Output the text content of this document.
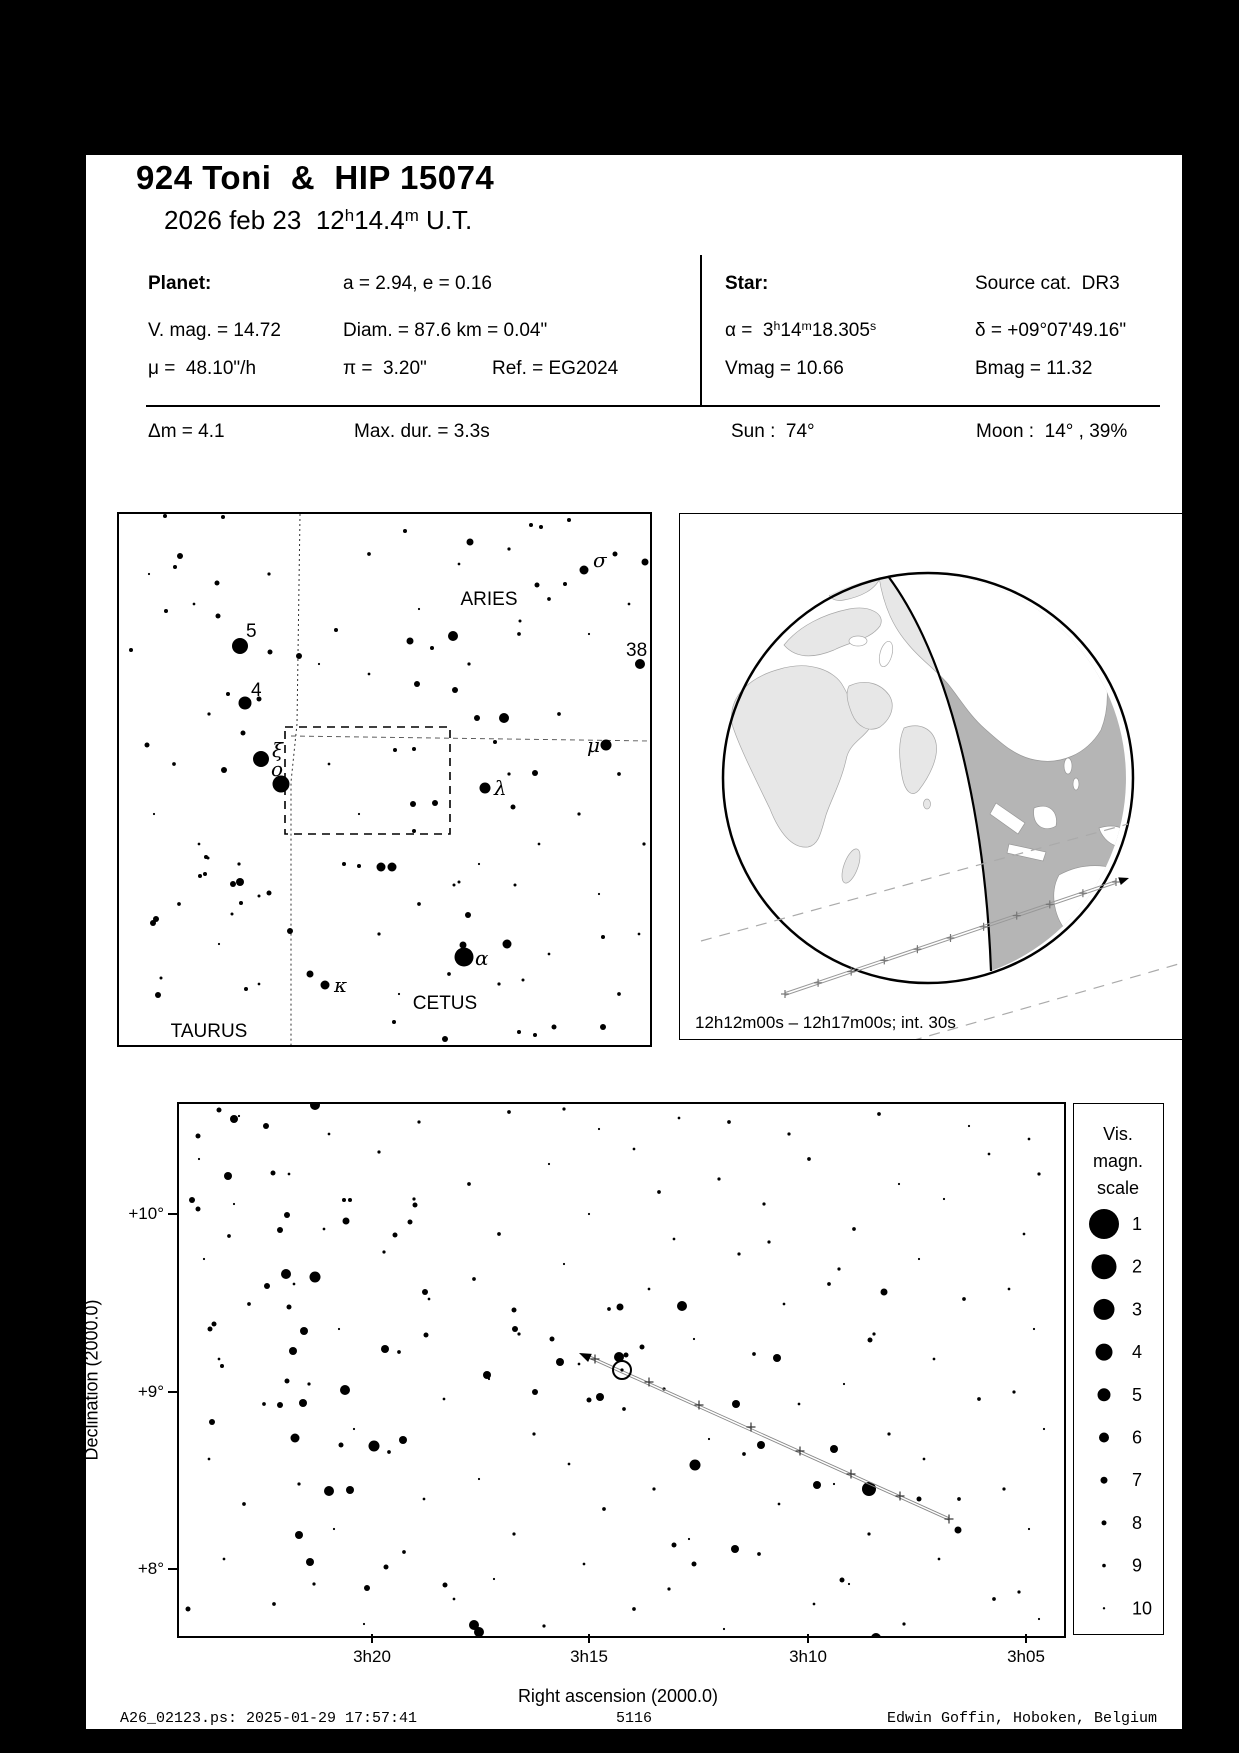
924 Toni  &  HIP 15074
2026 feb 23 12$^h$14.4$^m$ U.T.
Planet:	a = 2.94, e = 0.16	Star:	Source cat.  DR3
V. mag. = 14.72	Diam. = 87.6 km = 0.04"	α =  3$^h$14$^m$18.305$^s$	δ = +09°07'49.16"
μ =  48.10"/h	π =  3.20"	Ref. = EG2024	Vmag = 10.66	Bmag = 11.32
Δm = 4.1	Max. dur. = 3.3s	Sun :  74°	Moon :  14° , 39%
ARIES
CETUS
TAURUS
5
4
ξ
ο
σ
38
μ
λ
α
κ
12h12m00s – 12h17m00s; int. 30s
Declination (2000.0)
Right ascension (2000.0)
Vis.
magn.
scale
1
2
3
4
5
6
7
8
9
10
A26_02123.ps: 2025-01-29 17:57:41	5116	Edwin Goffin, Hoboken, Belgium
3h20	3h15	3h10	3h05
+10°
+9°
+8°
